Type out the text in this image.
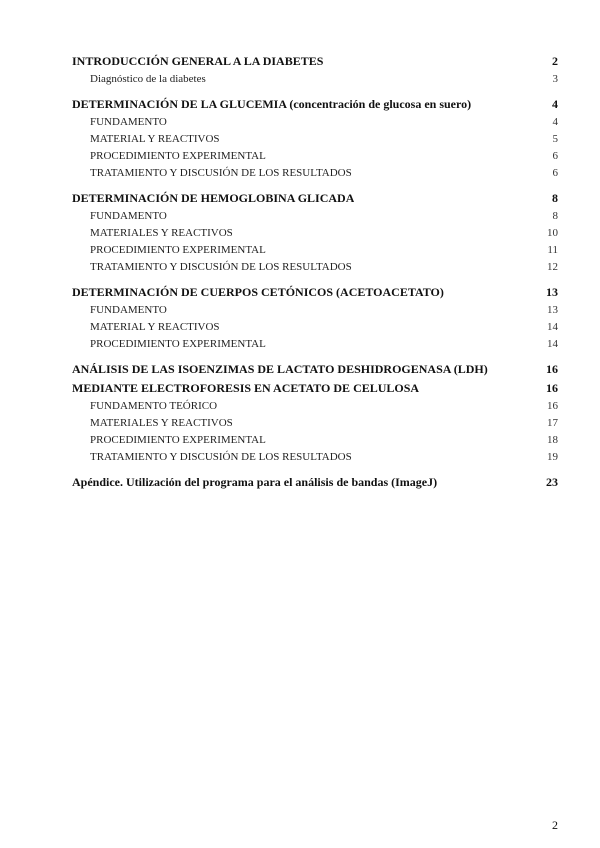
INTRODUCCIÓN GENERAL A LA DIABETES	2
Diagnóstico de la diabetes	3
DETERMINACIÓN DE LA GLUCEMIA (concentración de glucosa en suero)	4
FUNDAMENTO	4
MATERIAL Y REACTIVOS	5
PROCEDIMIENTO EXPERIMENTAL	6
TRATAMIENTO Y DISCUSIÓN DE LOS RESULTADOS	6
DETERMINACIÓN DE HEMOGLOBINA GLICADA	8
FUNDAMENTO	8
MATERIALES Y REACTIVOS	10
PROCEDIMIENTO EXPERIMENTAL	11
TRATAMIENTO Y DISCUSIÓN DE LOS RESULTADOS	12
DETERMINACIÓN DE CUERPOS CETÓNICOS (ACETOACETATO)	13
FUNDAMENTO	13
MATERIAL Y REACTIVOS	14
PROCEDIMIENTO EXPERIMENTAL	14
ANÁLISIS DE LAS ISOENZIMAS DE LACTATO DESHIDROGENASA (LDH)	16
MEDIANTE ELECTROFORESIS EN ACETATO DE CELULOSA	16
FUNDAMENTO TEÓRICO	16
MATERIALES Y REACTIVOS	17
PROCEDIMIENTO EXPERIMENTAL	18
TRATAMIENTO Y DISCUSIÓN DE LOS RESULTADOS	19
Apéndice. Utilización del programa para el análisis de bandas (ImageJ)	23
2
